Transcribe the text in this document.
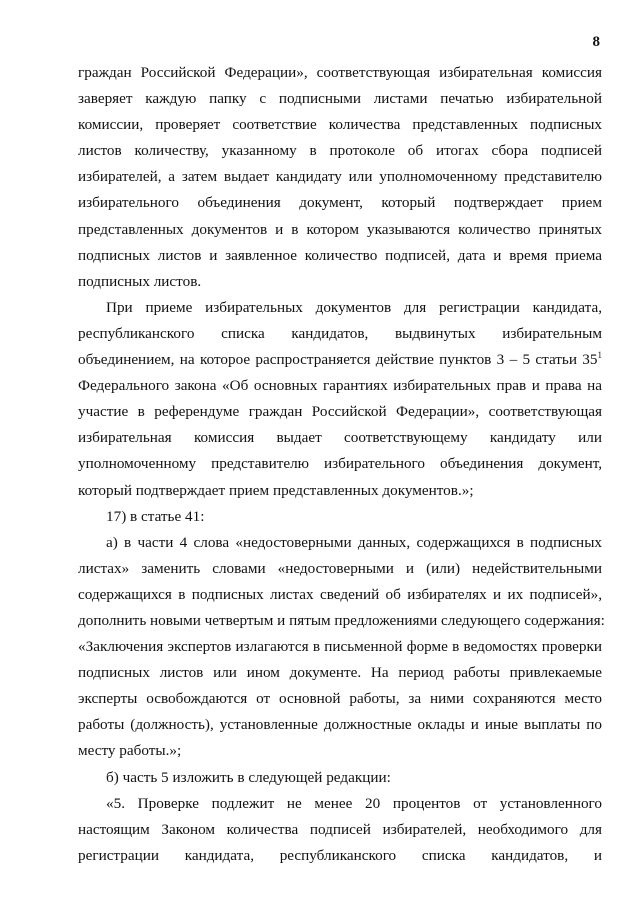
8
граждан Российской Федерации», соответствующая избирательная комиссия
заверяет каждую папку с подписными листами печатью избирательной
комиссии, проверяет соответствие количества представленных подписных
листов количеству, указанному в протоколе об итогах сбора подписей
избирателей, а затем выдает кандидату или уполномоченному представителю
избирательного объединения документ, который подтверждает прием
представленных документов и в котором указываются количество принятых
подписных листов и заявленное количество подписей, дата и время приема
подписных листов.
При приеме избирательных документов для регистрации кандидата,
республиканского списка кандидатов, выдвинутых избирательным
объединением, на которое распространяется действие пунктов 3 – 5 статьи $35^1$
Федерального закона «Об основных гарантиях избирательных прав и права на
участие в референдуме граждан Российской Федерации», соответствующая
избирательная комиссия выдает соответствующему кандидату или
уполномоченному представителю избирательного объединения документ,
который подтверждает прием представленных документов.»;
17) в статье 41:
а) в части 4 слова «недостоверными данных, содержащихся в подписных
листах» заменить словами «недостоверными и (или) недействительными
содержащихся в подписных листах сведений об избирателях и их подписей»,
дополнить новыми четвертым и пятым предложениями следующего содержания:
«Заключения экспертов излагаются в письменной форме в ведомостях проверки
подписных листов или ином документе. На период работы привлекаемые
эксперты освобождаются от основной работы, за ними сохраняются место
работы (должность), установленные должностные оклады и иные выплаты по
месту работы.»;
б) часть 5 изложить в следующей редакции:
«5. Проверке подлежит не менее 20 процентов от установленного
настоящим Законом количества подписей избирателей, необходимого для
регистрации кандидата, республиканского списка кандидатов, и
